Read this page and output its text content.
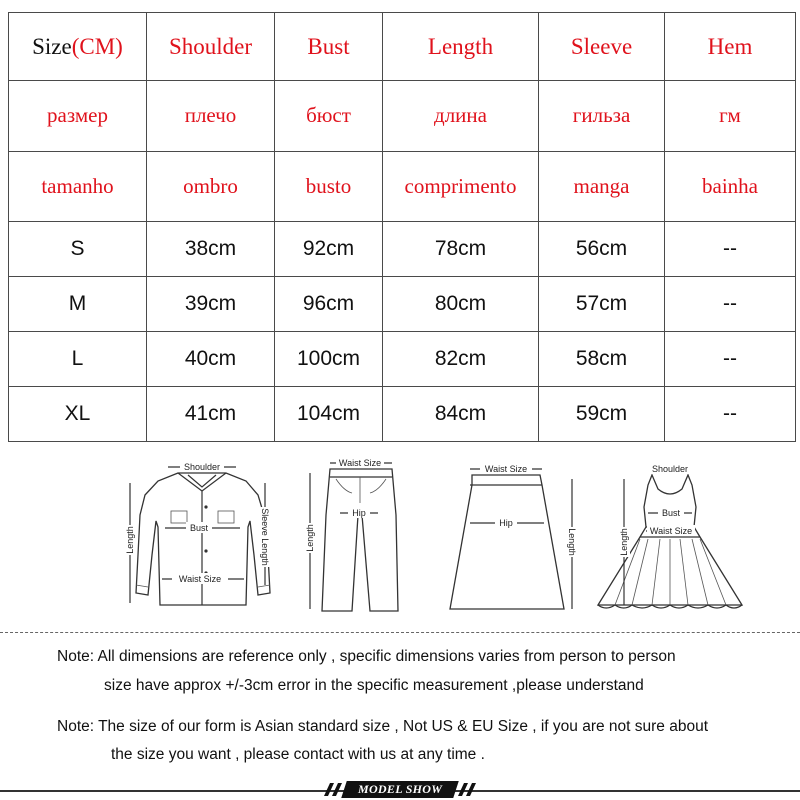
Size(CM)	Shoulder	Bust	Length	Sleeve	Hem
размер	плечо	бюст	длина	гильза	гм
tamanho	ombro	busto	comprimento	manga	bainha
S	38cm	92cm	78cm	56cm	--
M	39cm	96cm	80cm	57cm	--
L	40cm	100cm	82cm	58cm	--
XL	41cm	104cm	84cm	59cm	--
Shoulder
Bust
Length	Sleeve Length
Waist Size
Waist Size
Hip
Length
Waist Size
Hip
Length
Shoulder
Bust
Waist Size
Length
Note: All dimensions are reference only , specific dimensions varies from person to person
size have approx +/-3cm error in the specific measurement ,please understand
Note: The size of our form is Asian standard size , Not US & EU Size , if you are not sure about
the size you want , please contact with us at any time .
MODEL SHOW
